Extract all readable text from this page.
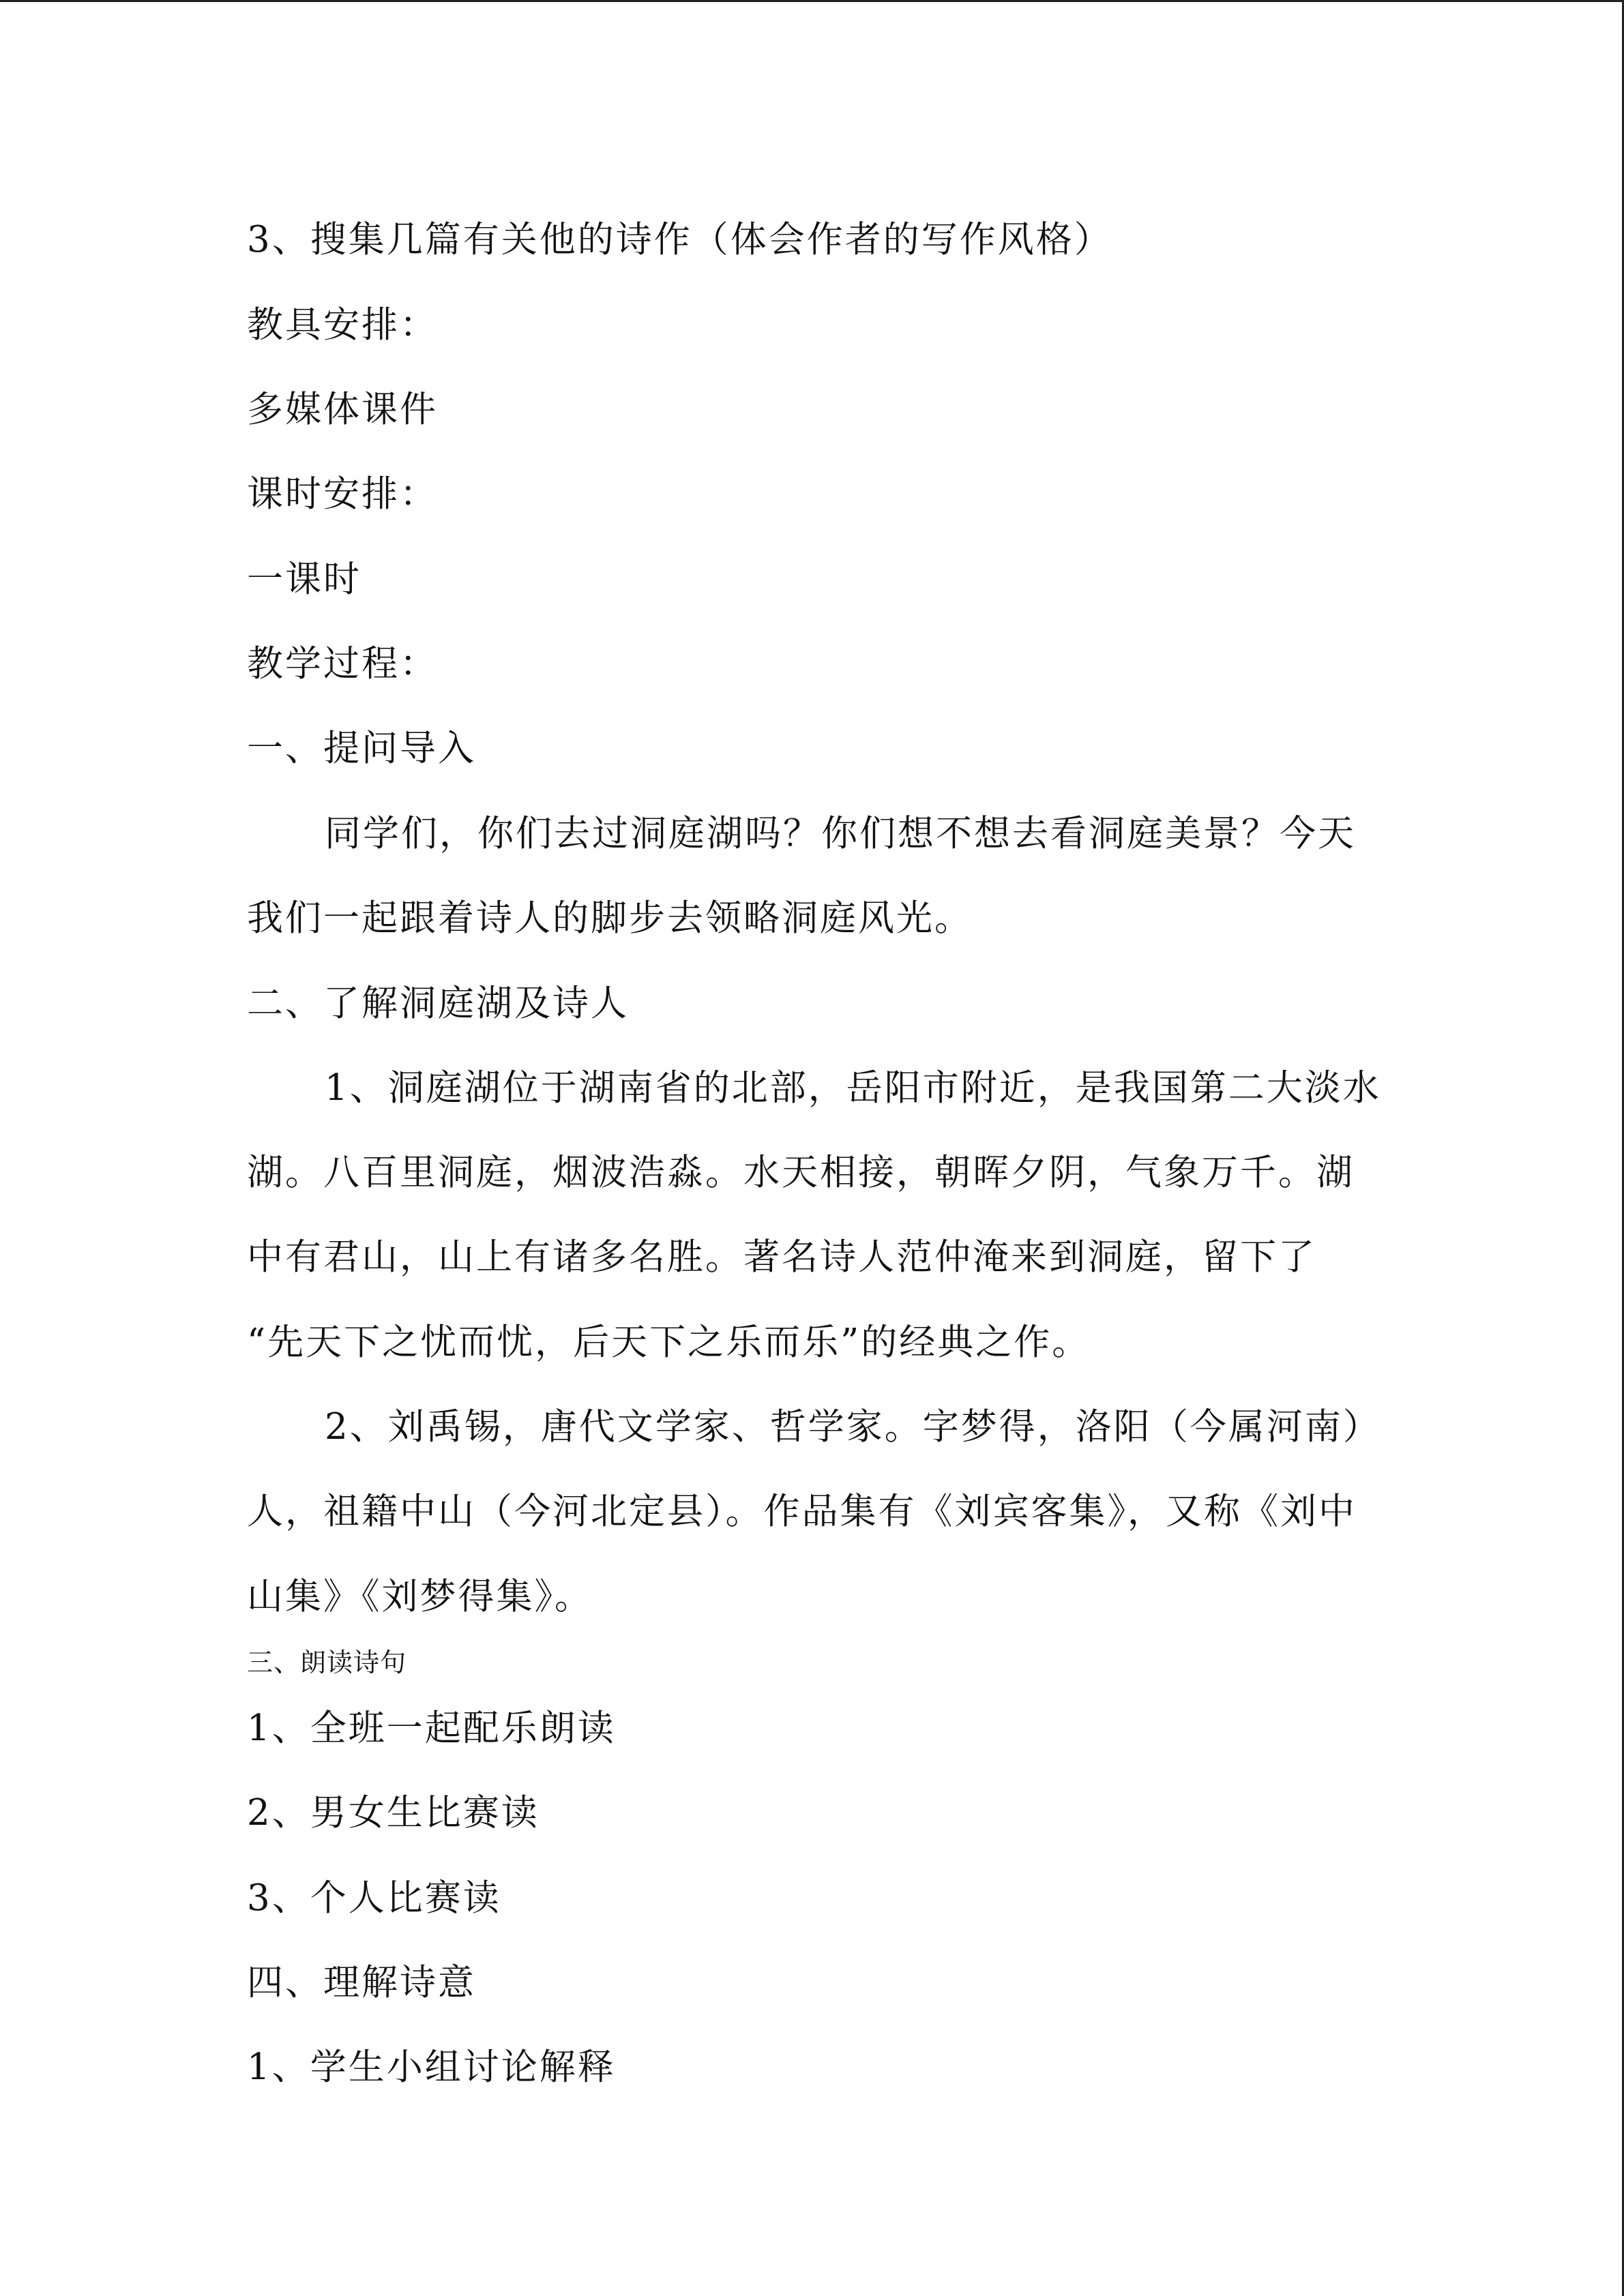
3、搜集几篇有关他的诗作（体会作者的写作风格）
教具安排：
多媒体课件
课时安排：
一课时
教学过程：
一、提问导入
同学们，你们去过洞庭湖吗？你们想不想去看洞庭美景？今天
我们一起跟着诗人的脚步去领略洞庭风光。
二、了解洞庭湖及诗人
1、洞庭湖位于湖南省的北部，岳阳市附近，是我国第二大淡水
湖。八百里洞庭，烟波浩淼。水天相接，朝晖夕阴，气象万千。湖
中有君山，山上有诸多名胜。著名诗人范仲淹来到洞庭，留下了
“先天下之忧而忧，后天下之乐而乐”的经典之作。
2、刘禹锡，唐代文学家、哲学家。字梦得，洛阳（今属河南）
人，祖籍中山（今河北定县）。作品集有《刘宾客集》，又称《刘中
山集》《刘梦得集》。
三、朗读诗句
1、全班一起配乐朗读
2、男女生比赛读
3、个人比赛读
四、理解诗意
1、学生小组讨论解释
